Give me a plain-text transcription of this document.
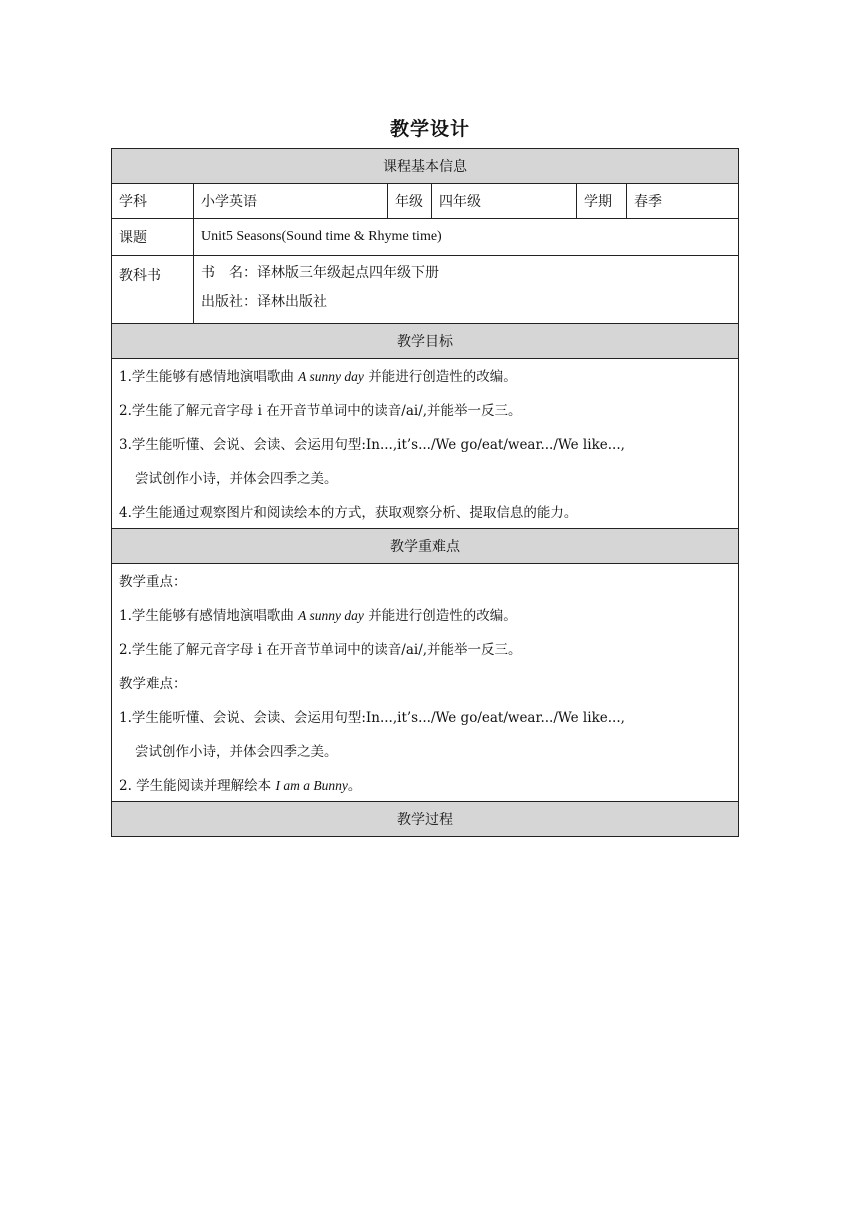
教学设计
课程基本信息
学科	小学英语	年级	四年级	学期	春季
课题	Unit5 Seasons(Sound time & Rhyme time)
教科书	书　名：译林版三年级起点四年级下册
出版社：译林出版社
教学目标
1.学生能够有感情地演唱歌曲 A sunny day 并能进行创造性的改编。
2.学生能了解元音字母 i 在开音节单词中的读音/ai/,并能举一反三。
3.学生能听懂、会说、会读、会运用句型:In...,it’s.../We go/eat/wear.../We like...,
尝试创作小诗，并体会四季之美。
4.学生能通过观察图片和阅读绘本的方式，获取观察分析、提取信息的能力。
教学重难点
教学重点：
1.学生能够有感情地演唱歌曲 A sunny day 并能进行创造性的改编。
2.学生能了解元音字母 i 在开音节单词中的读音/ai/,并能举一反三。
教学难点：
1.学生能听懂、会说、会读、会运用句型:In...,it’s.../We go/eat/wear.../We like...,
尝试创作小诗，并体会四季之美。
2. 学生能阅读并理解绘本 I am a Bunny。
教学过程
